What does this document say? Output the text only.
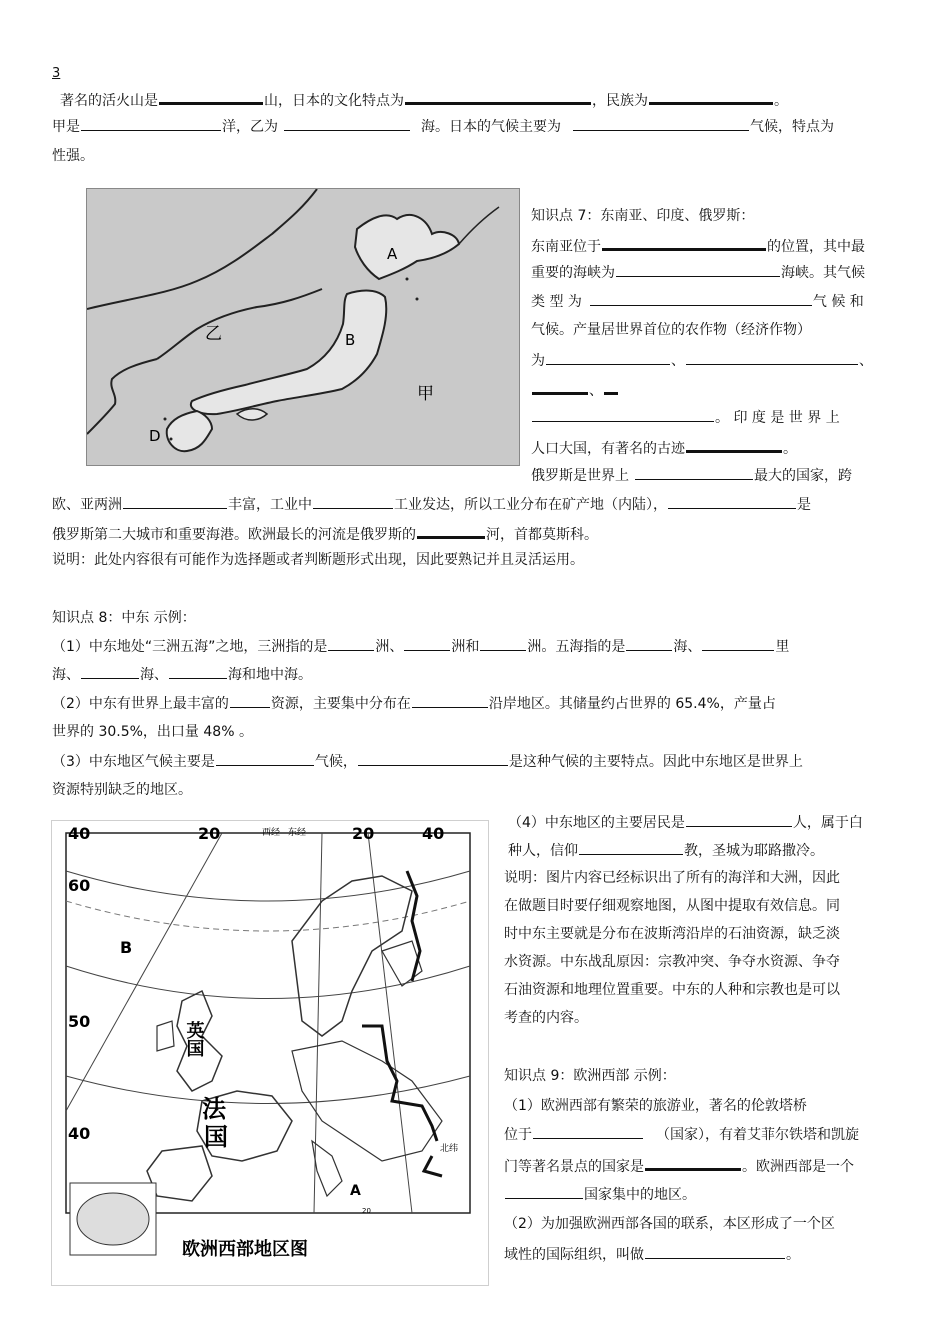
3
著名的活火山是	山，日本的文化特点为	，民族为	。
甲是	洋，乙为	海。日本的气候主要为	气候，特点为
性强。
A
B
D
乙
甲
知识点 7：东南亚、印度、俄罗斯：
东南亚位于	的位置，其中最
重要的海峡为	海峡。其气候
类 型 为	气 候 和
气候。产量居世界首位的农作物（经济作物）
为	、	、
、
。 印 度 是 世 界 上
人口大国，有著名的古迹	。
俄罗斯是世界上	最大的国家，跨
欧、亚两洲	丰富，工业中	工业发达，所以工业分布在矿产地（内陆），	是
俄罗斯第二大城市和重要海港。欧洲最长的河流是俄罗斯的	河，首都莫斯科。
说明：此处内容很有可能作为选择题或者判断题形式出现，因此要熟记并且灵活运用。
知识点 8：中东 示例：
（1）中东地处“三洲五海”之地，三洲指的是	洲、	洲和	洲。五海指的是	海、	里
海、	海、	海和地中海。
（2）中东有世界上最丰富的	资源，主要集中分布在	沿岸地区。其储量约占世界的 65.4%，产量占
世界的 30.5%，出口量 48% 。
（3）中东地区气候主要是	气候，	是这种气候的主要特点。因此中东地区是世界上
资源特别缺乏的地区。
（4）中东地区的主要居民是	人，属于白
种人，信仰	教，圣城为耶路撒冷。
说明：图片内容已经标识出了所有的海洋和大洲，因此
在做题目时要仔细观察地图，从图中提取有效信息。同
时中东主要就是分布在波斯湾沿岸的石油资源，缺乏淡
水资源。中东战乱原因：宗教冲突、争夺水资源、争夺
石油资源和地理位置重要。中东的人种和宗教也是可以
考查的内容。
知识点 9：欧洲西部 示例：
（1）欧洲西部有繁荣的旅游业，著名的伦敦塔桥
位于	（国家），有着艾菲尔铁塔和凯旋
门等著名景点的国家是	。欧洲西部是一个
国家集中的地区。
（2）为加强欧洲西部各国的联系，本区形成了一个区
域性的国际组织，叫做	。
40	20	西经 东经	20	40
60
50
40
B
A
20
北纬
英国
法
国
欧洲西部地区图
